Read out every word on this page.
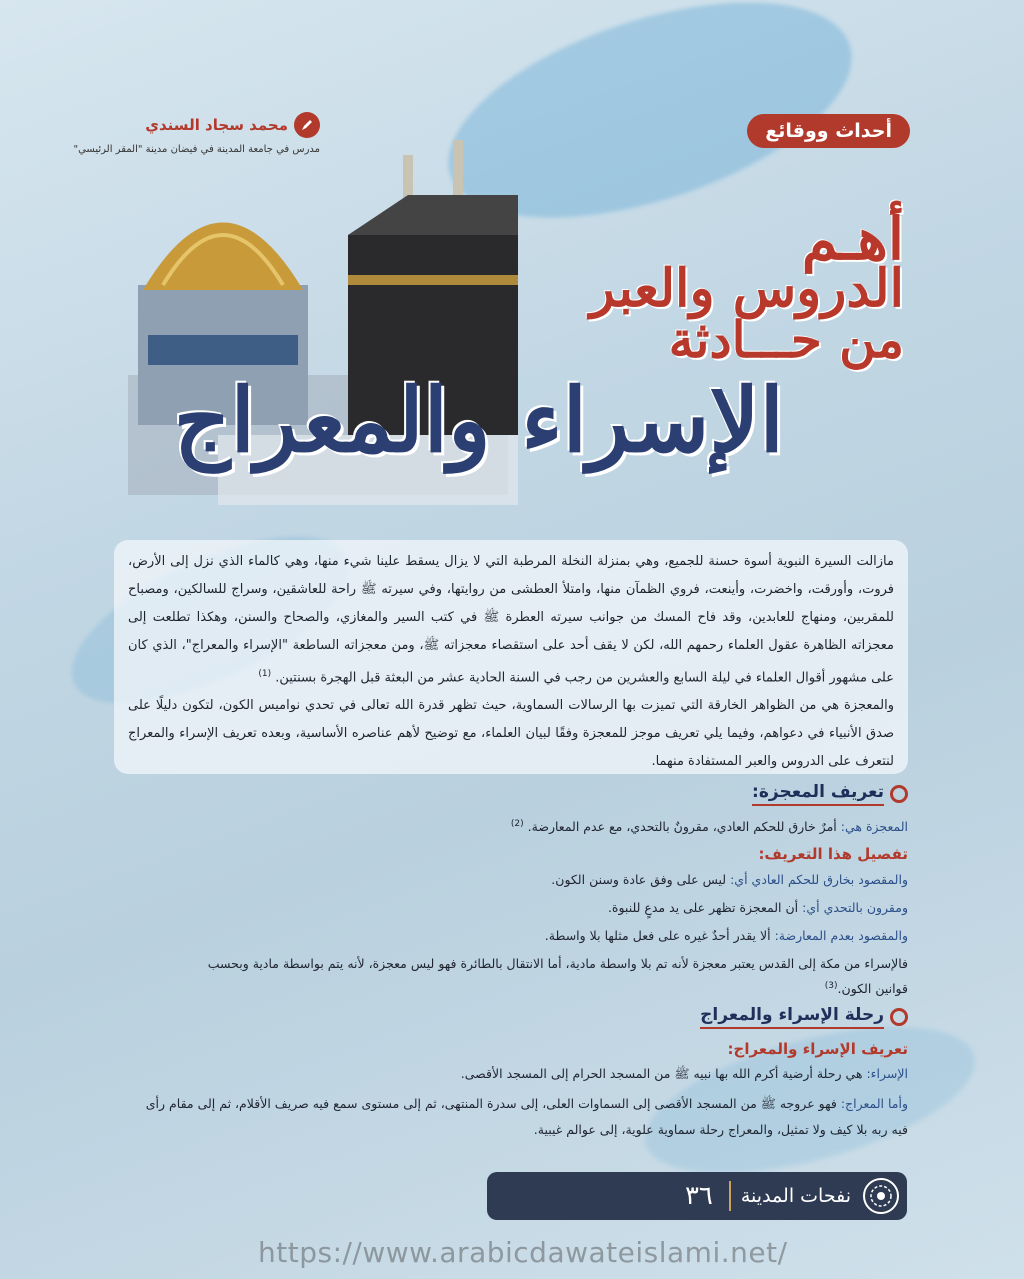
أحداث ووقائع
محمد سجاد السندي
مدرس في جامعة المدينة في فيضان مدينة "المقر الرئيسي"
أهـم
الدروس والعبر
من حـــادثة
الإسراء والمعراج

مازالت السيرة النبوية أسوة حسنة للجميع، وهي بمنزلة النخلة المرطبة التي لا يزال يسقط علينا شيء منها، وهي كالماء الذي نزل إلى الأرض، فروت، وأورقت، واخضرت، وأينعت، فروي الظمآن منها، وامتلأ العطشى من روايتها، وفي سيرته ﷺ راحة للعاشقين، وسراج للسالكين، ومصباح للمقربين، ومنهاج للعابدين، وقد فاح المسك من جوانب سيرته العطرة ﷺ في كتب السير والمغازي، والصحاح والسنن، وهكذا تطلعت إلى معجزاته الظاهرة عقول العلماء رحمهم الله، لكن لا يقف أحد على استقصاء معجزاته ﷺ، ومن معجزاته الساطعة "الإسراء والمعراج"، الذي كان على مشهور أقوال العلماء في ليلة السابع والعشرين من رجب في السنة الحادية عشر من البعثة قبل الهجرة بسنتين. $^{(1)}$

والمعجزة هي من الظواهر الخارقة التي تميزت بها الرسالات السماوية، حيث تظهر قدرة الله تعالى في تحدي نواميس الكون، لتكون دليلًا على صدق الأنبياء في دعواهم، وفيما يلي تعريف موجز للمعجزة وفقًا لبيان العلماء، مع توضيح لأهم عناصره الأساسية، وبعده تعريف الإسراء والمعراج لنتعرف على الدروس والعبر المستفادة منهما.

تعريف المعجزة:
المعجزة هي: أمرٌ خارق للحكم العادي، مقرونٌ بالتحدي، مع عدم المعارضة. $^{(2)}$
تفصيل هذا التعريف:
والمقصود بخارق للحكم العادي أي: ليس على وفق عادة وسنن الكون.
ومقرون بالتحدي أي: أن المعجزة تظهر على يد مدعٍ للنبوة.
والمقصود بعدم المعارضة: ألا يقدر أحدٌ غيره على فعل مثلها بلا واسطة.
فالإسراء من مكة إلى القدس يعتبر معجزة لأنه تم بلا واسطة مادية، أما الانتقال بالطائرة فهو ليس معجزة، لأنه يتم بواسطة مادية وبحسب
قوانين الكون.$^{(3)}$
رحلة الإسراء والمعراج
تعريف الإسراء والمعراج:
الإسراء: هي رحلة أرضية أكرم الله بها نبيه ﷺ من المسجد الحرام إلى المسجد الأقصى.
وأما المعراج: فهو عروجه ﷺ من المسجد الأقصى إلى السماوات العلى، إلى سدرة المنتهى، ثم إلى مستوى سمع فيه صريف الأقلام، ثم إلى مقام رأى
فيه ربه بلا كيف ولا تمثيل، والمعراج رحلة سماوية علوية، إلى عوالم غيبية.
٣٦	نفحات المدينة
https://www.arabicdawateislami.net/
